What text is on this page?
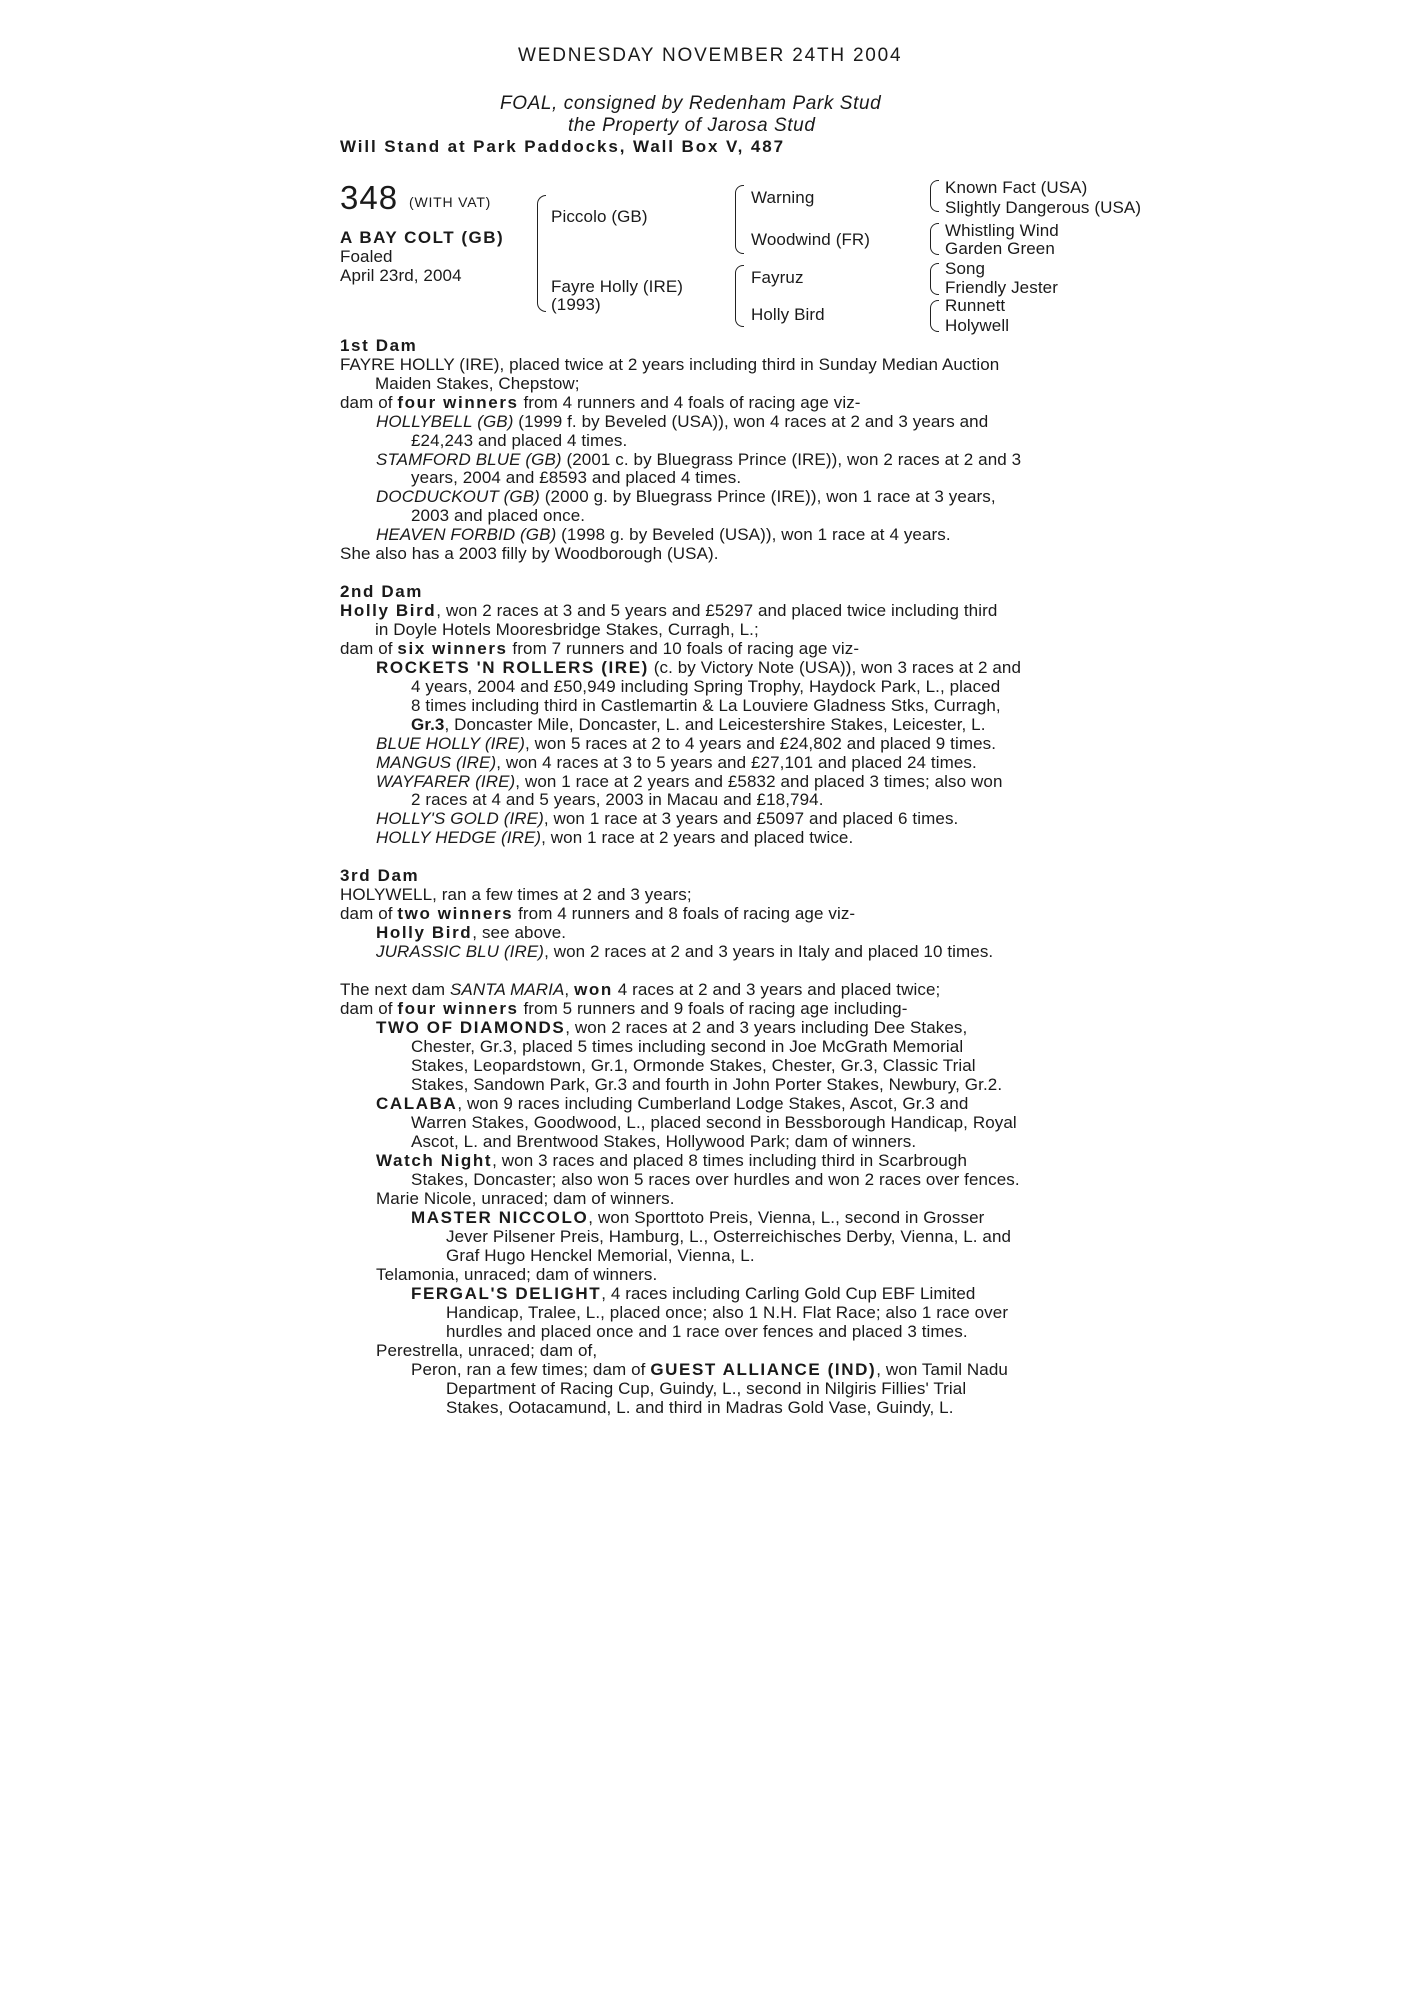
WEDNESDAY NOVEMBER 24TH 2004
FOAL, consigned by Redenham Park Stud
the Property of Jarosa Stud
Will Stand at Park Paddocks, Wall Box V, 487
348 (WITH VAT)
A BAY COLT (GB)
Foaled
April 23rd, 2004
Piccolo (GB)
Fayre Holly (IRE)
(1993)
Warning
Woodwind (FR)
Fayruz
Holly Bird
Known Fact (USA)
Slightly Dangerous (USA)
Whistling Wind
Garden Green
Song
Friendly Jester
Runnett
Holywell
1st Dam
FAYRE HOLLY (IRE), placed twice at 2 years including third in Sunday Median Auction
Maiden Stakes, Chepstow;
dam of four winners from 4 runners and 4 foals of racing age viz-
HOLLYBELL (GB) (1999 f. by Beveled (USA)), won 4 races at 2 and 3 years and
£24,243 and placed 4 times.
STAMFORD BLUE (GB) (2001 c. by Bluegrass Prince (IRE)), won 2 races at 2 and 3
years, 2004 and £8593 and placed 4 times.
DOCDUCKOUT (GB) (2000 g. by Bluegrass Prince (IRE)), won 1 race at 3 years,
2003 and placed once.
HEAVEN FORBID (GB) (1998 g. by Beveled (USA)), won 1 race at 4 years.
She also has a 2003 filly by Woodborough (USA).
2nd Dam
Holly Bird, won 2 races at 3 and 5 years and £5297 and placed twice including third
in Doyle Hotels Mooresbridge Stakes, Curragh, L.;
dam of six winners from 7 runners and 10 foals of racing age viz-
ROCKETS 'N ROLLERS (IRE) (c. by Victory Note (USA)), won 3 races at 2 and
4 years, 2004 and £50,949 including Spring Trophy, Haydock Park, L., placed
8 times including third in Castlemartin & La Louviere Gladness Stks, Curragh,
Gr.3, Doncaster Mile, Doncaster, L. and Leicestershire Stakes, Leicester, L.
BLUE HOLLY (IRE), won 5 races at 2 to 4 years and £24,802 and placed 9 times.
MANGUS (IRE), won 4 races at 3 to 5 years and £27,101 and placed 24 times.
WAYFARER (IRE), won 1 race at 2 years and £5832 and placed 3 times; also won
2 races at 4 and 5 years, 2003 in Macau and £18,794.
HOLLY'S GOLD (IRE), won 1 race at 3 years and £5097 and placed 6 times.
HOLLY HEDGE (IRE), won 1 race at 2 years and placed twice.
3rd Dam
HOLYWELL, ran a few times at 2 and 3 years;
dam of two winners from 4 runners and 8 foals of racing age viz-
Holly Bird, see above.
JURASSIC BLU (IRE), won 2 races at 2 and 3 years in Italy and placed 10 times.
The next dam SANTA MARIA, won 4 races at 2 and 3 years and placed twice;
dam of four winners from 5 runners and 9 foals of racing age including-
TWO OF DIAMONDS, won 2 races at 2 and 3 years including Dee Stakes,
Chester, Gr.3, placed 5 times including second in Joe McGrath Memorial
Stakes, Leopardstown, Gr.1, Ormonde Stakes, Chester, Gr.3, Classic Trial
Stakes, Sandown Park, Gr.3 and fourth in John Porter Stakes, Newbury, Gr.2.
CALABA, won 9 races including Cumberland Lodge Stakes, Ascot, Gr.3 and
Warren Stakes, Goodwood, L., placed second in Bessborough Handicap, Royal
Ascot, L. and Brentwood Stakes, Hollywood Park; dam of winners.
Watch Night, won 3 races and placed 8 times including third in Scarbrough
Stakes, Doncaster; also won 5 races over hurdles and won 2 races over fences.
Marie Nicole, unraced; dam of winners.
MASTER NICCOLO, won Sporttoto Preis, Vienna, L., second in Grosser
Jever Pilsener Preis, Hamburg, L., Osterreichisches Derby, Vienna, L. and
Graf Hugo Henckel Memorial, Vienna, L.
Telamonia, unraced; dam of winners.
FERGAL'S DELIGHT, 4 races including Carling Gold Cup EBF Limited
Handicap, Tralee, L., placed once; also 1 N.H. Flat Race; also 1 race over
hurdles and placed once and 1 race over fences and placed 3 times.
Perestrella, unraced; dam of,
Peron, ran a few times; dam of GUEST ALLIANCE (IND), won Tamil Nadu
Department of Racing Cup, Guindy, L., second in Nilgiris Fillies' Trial
Stakes, Ootacamund, L. and third in Madras Gold Vase, Guindy, L.
